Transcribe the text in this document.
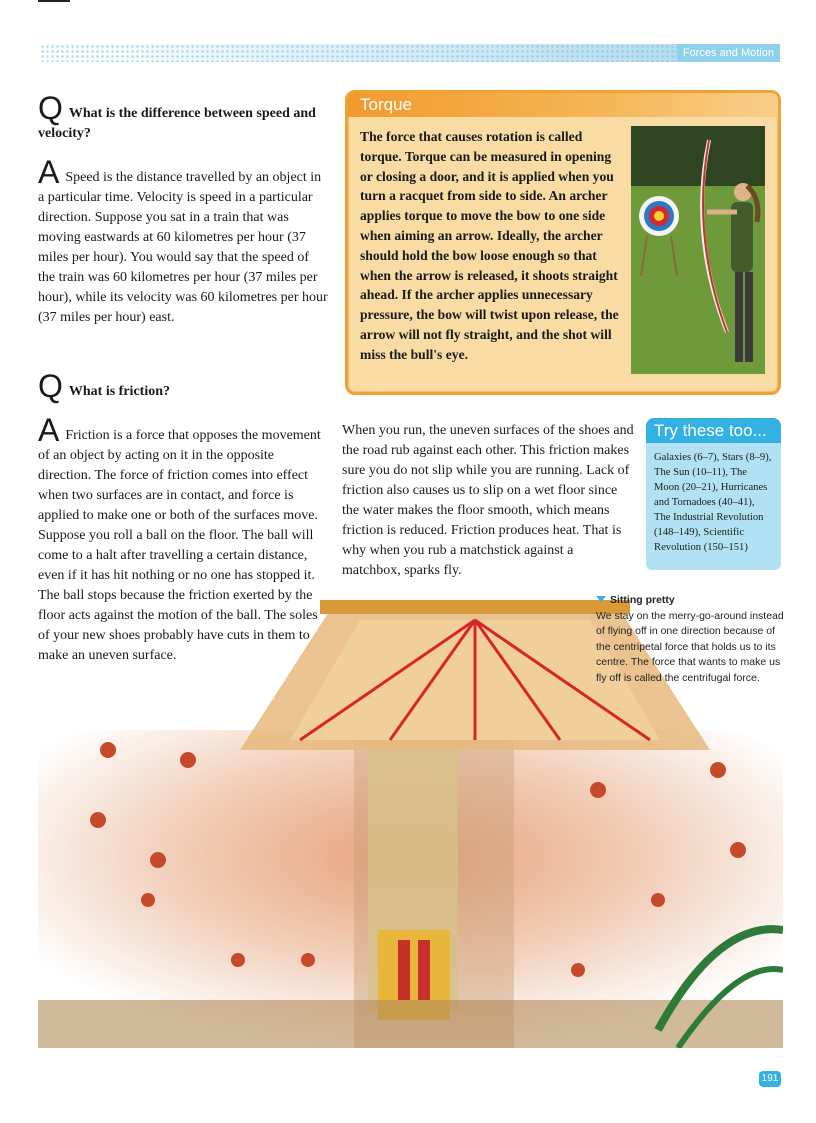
Forces and Motion
Q What is the difference between speed and velocity?
A Speed is the distance travelled by an object in a particular time. Velocity is speed in a particular direction. Suppose you sat in a train that was moving eastwards at 60 kilometres per hour (37 miles per hour). You would say that the speed of the train was 60 kilometres per hour (37 miles per hour), while its velocity was 60 kilometres per hour (37 miles per hour) east.
Torque
The force that causes rotation is called torque. Torque can be measured in opening or closing a door, and it is applied when you turn a racquet from side to side. An archer applies torque to move the bow to one side when aiming an arrow. Ideally, the archer should hold the bow loose enough so that when the arrow is released, it shoots straight ahead. If the archer applies unnecessary pressure, the bow will twist upon release, the arrow will not fly straight, and the shot will miss the bull's eye.
Q What is friction?
A Friction is a force that opposes the movement of an object by acting on it in the opposite direction. The force of friction comes into effect when two surfaces are in contact, and force is applied to make one or both of the surfaces move. Suppose you roll a ball on the floor. The ball will come to a halt after travelling a certain distance, even if it has hit nothing or no one has stopped it. The ball stops because the friction exerted by the floor acts against the motion of the ball. The soles of your new shoes probably have cuts in them to make an uneven surface.
When you run, the uneven surfaces of the shoes and the road rub against each other. This friction makes sure you do not slip while you are running. Lack of friction also causes us to slip on a wet floor since the water makes the floor smooth, which means friction is reduced. Friction produces heat. That is why when you rub a matchstick against a matchbox, sparks fly.
Try these too...
Galaxies (6–7), Stars (8–9), The Sun (10–11), The Moon (20–21), Hurricanes and Tornadoes (40–41), The Industrial Revolution (148–149), Scientific Revolution (150–151)
Sitting pretty
We stay on the merry-go-around instead of flying off in one direction because of the centripetal force that holds us to its centre. The force that wants to make us fly off is called the centrifugal force.
191
